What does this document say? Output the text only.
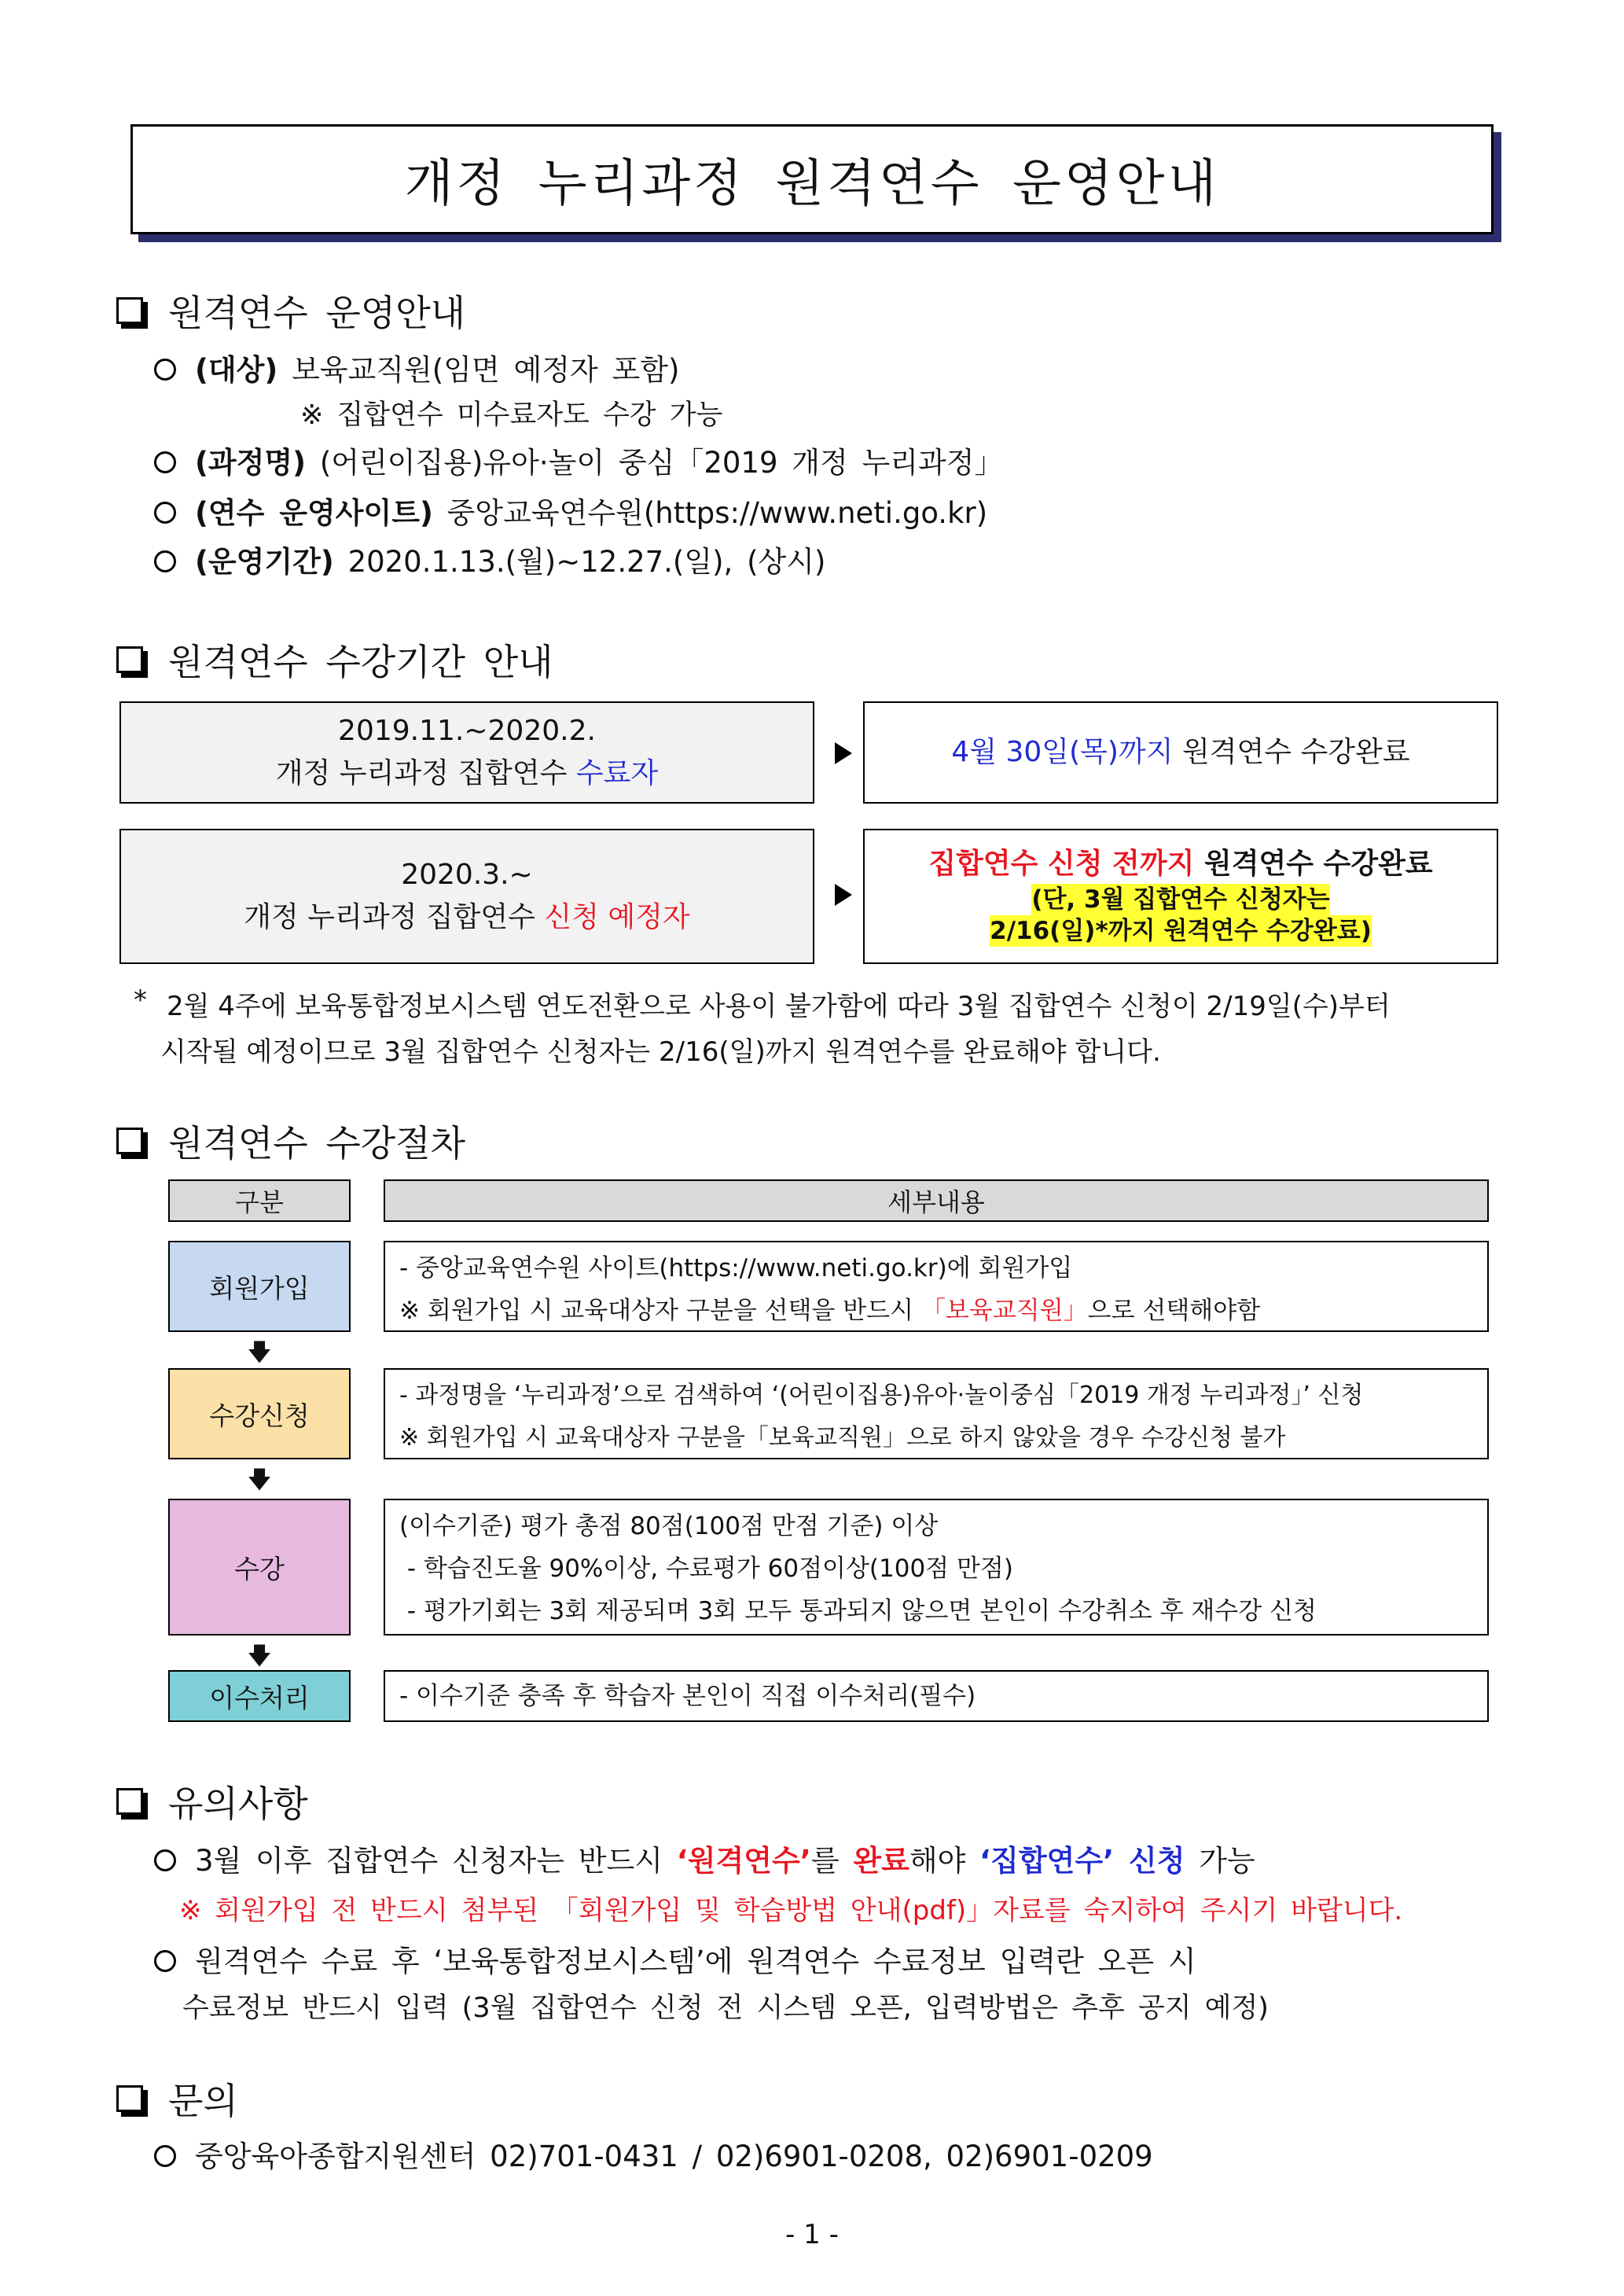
개정 누리과정 원격연수 운영안내
원격연수 운영안내
(대상) 보육교직원(임면 예정자 포함)
※ 집합연수 미수료자도 수강 가능
(과정명) (어린이집용)유아·놀이 중심「2019 개정 누리과정」
(연수 운영사이트) 중앙교육연수원(https://www.neti.go.kr)
(운영기간) 2020.1.13.(월)~12.27.(일), (상시)
원격연수 수강기간 안내
2019.11.~2020.2.
개정 누리과정 집합연수 수료자
4월 30일(목)까지 원격연수 수강완료
2020.3.~
개정 누리과정 집합연수 신청 예정자
집합연수 신청 전까지 원격연수 수강완료
(단, 3월 집합연수 신청자는
2/16(일)*까지 원격연수 수강완료)
* 2월 4주에 보육통합정보시스템 연도전환으로 사용이 불가함에 따라 3월 집합연수 신청이 2/19일(수)부터
시작될 예정이므로 3월 집합연수 신청자는 2/16(일)까지 원격연수를 완료해야 합니다.
원격연수 수강절차
구분	세부내용
회원가입
- 중앙교육연수원 사이트(https://www.neti.go.kr)에 회원가입
※ 회원가입 시 교육대상자 구분을 선택을 반드시 「보육교직원」으로 선택해야함
🡇
수강신청
- 과정명을 ‘누리과정’으로 검색하여 ‘(어린이집용)유아·놀이중심「2019 개정 누리과정」’ 신청
※ 회원가입 시 교육대상자 구분을「보육교직원」으로 하지 않았을 경우 수강신청 불가
🡇
수강
(이수기준) 평가 총점 80점(100점 만점 기준) 이상
- 학습진도율 90%이상, 수료평가 60점이상(100점 만점)
- 평가기회는 3회 제공되며 3회 모두 통과되지 않으면 본인이 수강취소 후 재수강 신청
🡇
이수처리	- 이수기준 충족 후 학습자 본인이 직접 이수처리(필수)
유의사항
3월 이후 집합연수 신청자는 반드시 ‘원격연수’를 완료해야 ‘집합연수’ 신청 가능
※ 회원가입 전 반드시 첨부된 「회원가입 및 학습방법 안내(pdf)」자료를 숙지하여 주시기 바랍니다.
원격연수 수료 후 ‘보육통합정보시스템’에 원격연수 수료정보 입력란 오픈 시
수료정보 반드시 입력 (3월 집합연수 신청 전 시스템 오픈, 입력방법은 추후 공지 예정)
문의
중앙육아종합지원센터 02)701-0431 / 02)6901-0208, 02)6901-0209
- 1 -
